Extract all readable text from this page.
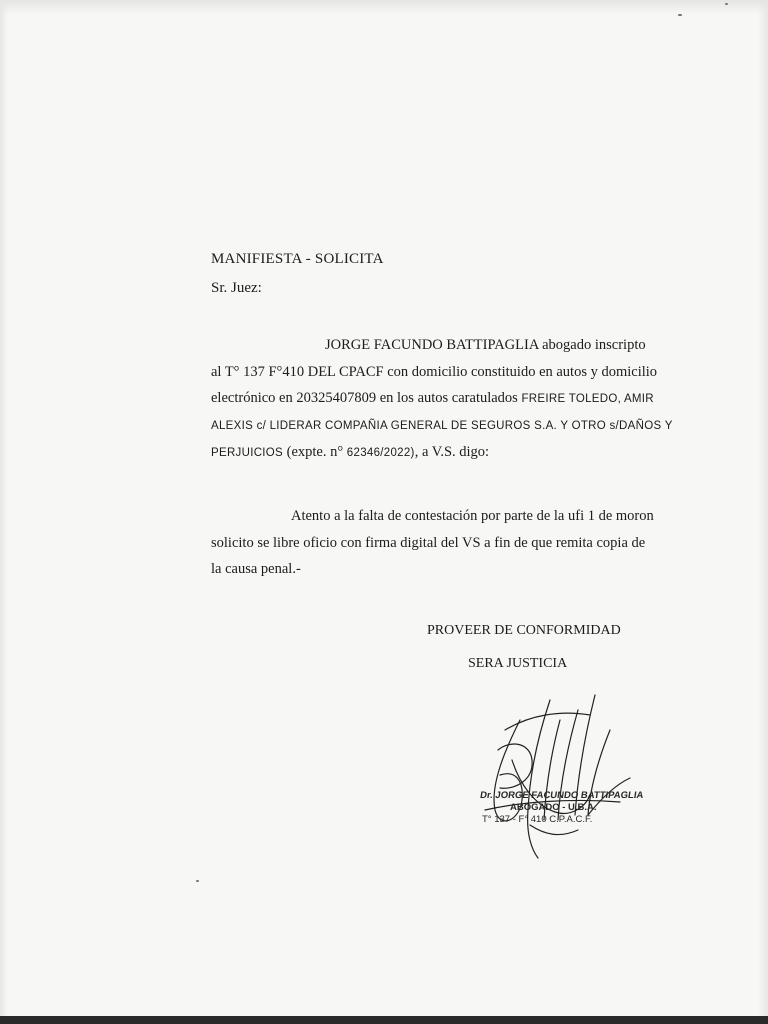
MANIFIESTA - SOLICITA
Sr. Juez:
JORGE FACUNDO BATTIPAGLIA abogado inscripto
al T° 137 F°410 DEL CPACF con domicilio constituido en autos y domicilio
electrónico en 20325407809 en los autos caratulados FREIRE TOLEDO, AMIR
ALEXIS c/ LIDERAR COMPAÑIA GENERAL DE SEGUROS S.A. Y OTRO s/DAÑOS Y
PERJUICIOS (expte. n° 62346/2022), a V.S. digo:
Atento a la falta de contestación por parte de la ufi 1 de moron
solicito se libre oficio con firma digital del VS a fin de que remita copia de
la causa penal.-
PROVEER DE CONFORMIDAD
SERA JUSTICIA
Dr. JORGE FACUNDO BATTIPAGLIA
ABOGADO - U.B.A.
T° 137 - F° 410 C.P.A.C.F.
